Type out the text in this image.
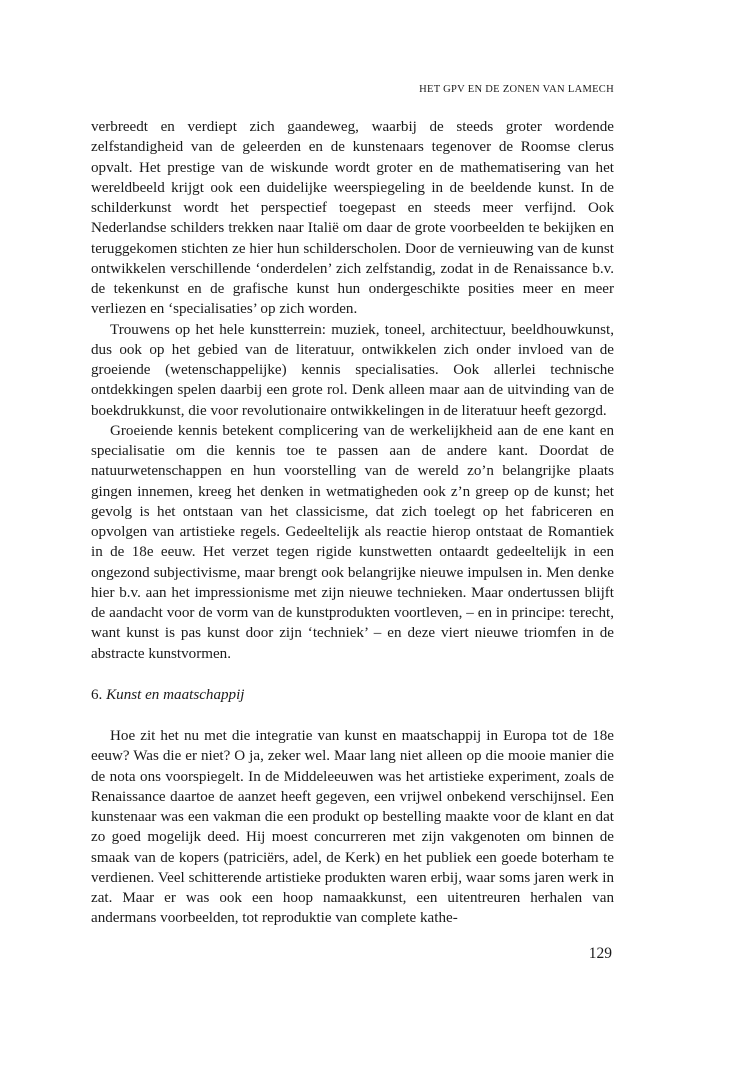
HET GPV EN DE ZONEN VAN LAMECH

verbreedt en verdiept zich gaandeweg, waarbij de steeds groter wordende zelfstandigheid van de geleerden en de kunstenaars tegenover de Roomse clerus opvalt. Het prestige van de wiskunde wordt groter en de mathematisering van het wereldbeeld krijgt ook een duidelijke weerspiegeling in de beeldende kunst. In de schilderkunst wordt het perspectief toegepast en steeds meer verfijnd. Ook Nederlandse schilders trekken naar Italië om daar de grote voorbeelden te bekijken en teruggekomen stichten ze hier hun schilderscholen. Door de vernieuwing van de kunst ontwikkelen verschillende ‘onderdelen’ zich zelfstandig, zodat in de Renaissance b.v. de tekenkunst en de grafische kunst hun ondergeschikte posities meer en meer verliezen en ‘specialisaties’ op zich worden.

Trouwens op het hele kunstterrein: muziek, toneel, architectuur, beeldhouwkunst, dus ook op het gebied van de literatuur, ontwikkelen zich onder invloed van de groeiende (wetenschappelijke) kennis specialisaties. Ook allerlei technische ontdekkingen spelen daarbij een grote rol. Denk alleen maar aan de uitvinding van de boekdrukkunst, die voor revolutionaire ontwikkelingen in de literatuur heeft gezorgd.

Groeiende kennis betekent complicering van de werkelijkheid aan de ene kant en specialisatie om die kennis toe te passen aan de andere kant. Doordat de natuurwetenschappen en hun voorstelling van de wereld zo’n belangrijke plaats gingen innemen, kreeg het denken in wetmatigheden ook z’n greep op de kunst; het gevolg is het ontstaan van het classicisme, dat zich toelegt op het fabriceren en opvolgen van artistieke regels. Gedeeltelijk als reactie hierop ontstaat de Romantiek in de 18e eeuw. Het verzet tegen rigide kunstwetten ontaardt gedeeltelijk in een ongezond subjectivisme, maar brengt ook belangrijke nieuwe impulsen in. Men denke hier b.v. aan het impressionisme met zijn nieuwe technieken. Maar ondertussen blijft de aandacht voor de vorm van de kunstprodukten voortleven, – en in principe: terecht, want kunst is pas kunst door zijn ‘techniek’ – en deze viert nieuwe triomfen in de abstracte kunstvormen.

6. Kunst en maatschappij

Hoe zit het nu met die integratie van kunst en maatschappij in Europa tot de 18e eeuw? Was die er niet? O ja, zeker wel. Maar lang niet alleen op die mooie manier die de nota ons voorspiegelt. In de Middeleeuwen was het artistieke experiment, zoals de Renaissance daartoe de aanzet heeft gegeven, een vrijwel onbekend verschijnsel. Een kunstenaar was een vakman die een produkt op bestelling maakte voor de klant en dat zo goed mogelijk deed. Hij moest concurreren met zijn vakgenoten om binnen de smaak van de kopers (patriciërs, adel, de Kerk) en het publiek een goede boterham te verdienen. Veel schitterende artistieke produkten waren erbij, waar soms jaren werk in zat. Maar er was ook een hoop namaakkunst, een uitentreuren herhalen van andermans voorbeelden, tot reproduktie van complete kathe-

129
